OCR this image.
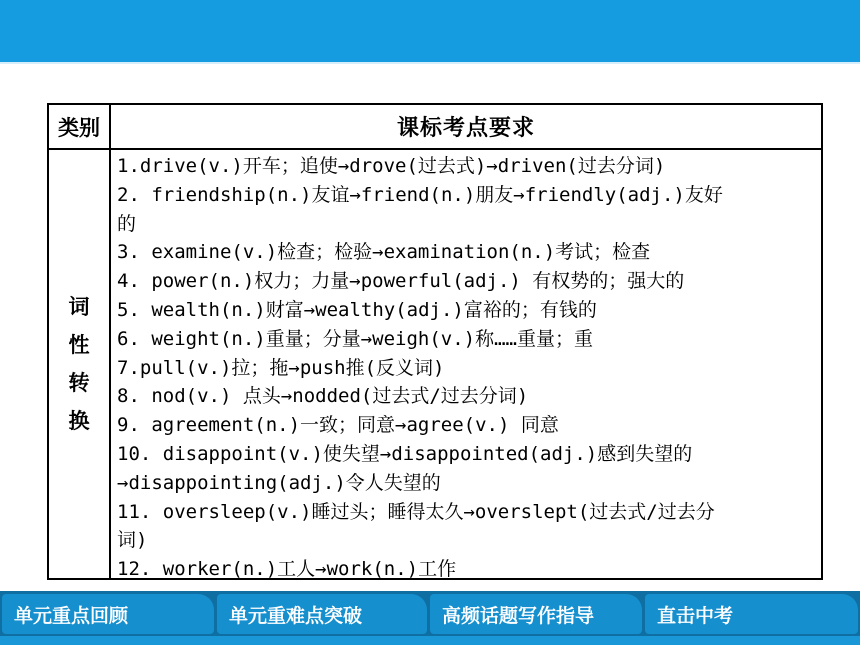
类别	课标考点要求
词
性
转
换
1.drive(v.)开车；追使→drove(过去式)→driven(过去分词)
2. friendship(n.)友谊→friend(n.)朋友→friendly(adj.)友好
的
3. examine(v.)检查；检验→examination(n.)考试；检查
4. power(n.)权力；力量→powerful(adj.) 有权势的；强大的
5. wealth(n.)财富→wealthy(adj.)富裕的；有钱的
6. weight(n.)重量；分量→weigh(v.)称……重量；重
7.pull(v.)拉；拖→push推(反义词)
8. nod(v.) 点头→nodded(过去式/过去分词)
9. agreement(n.)一致；同意→agree(v.) 同意
10. disappoint(v.)使失望→disappointed(adj.)感到失望的
→disappointing(adj.)令人失望的
11. oversleep(v.)睡过头；睡得太久→overslept(过去式/过去分
词)
12. worker(n.)工人→work(n.)工作
单元重点回顾	单元重难点突破	高频话题写作指导	直击中考
